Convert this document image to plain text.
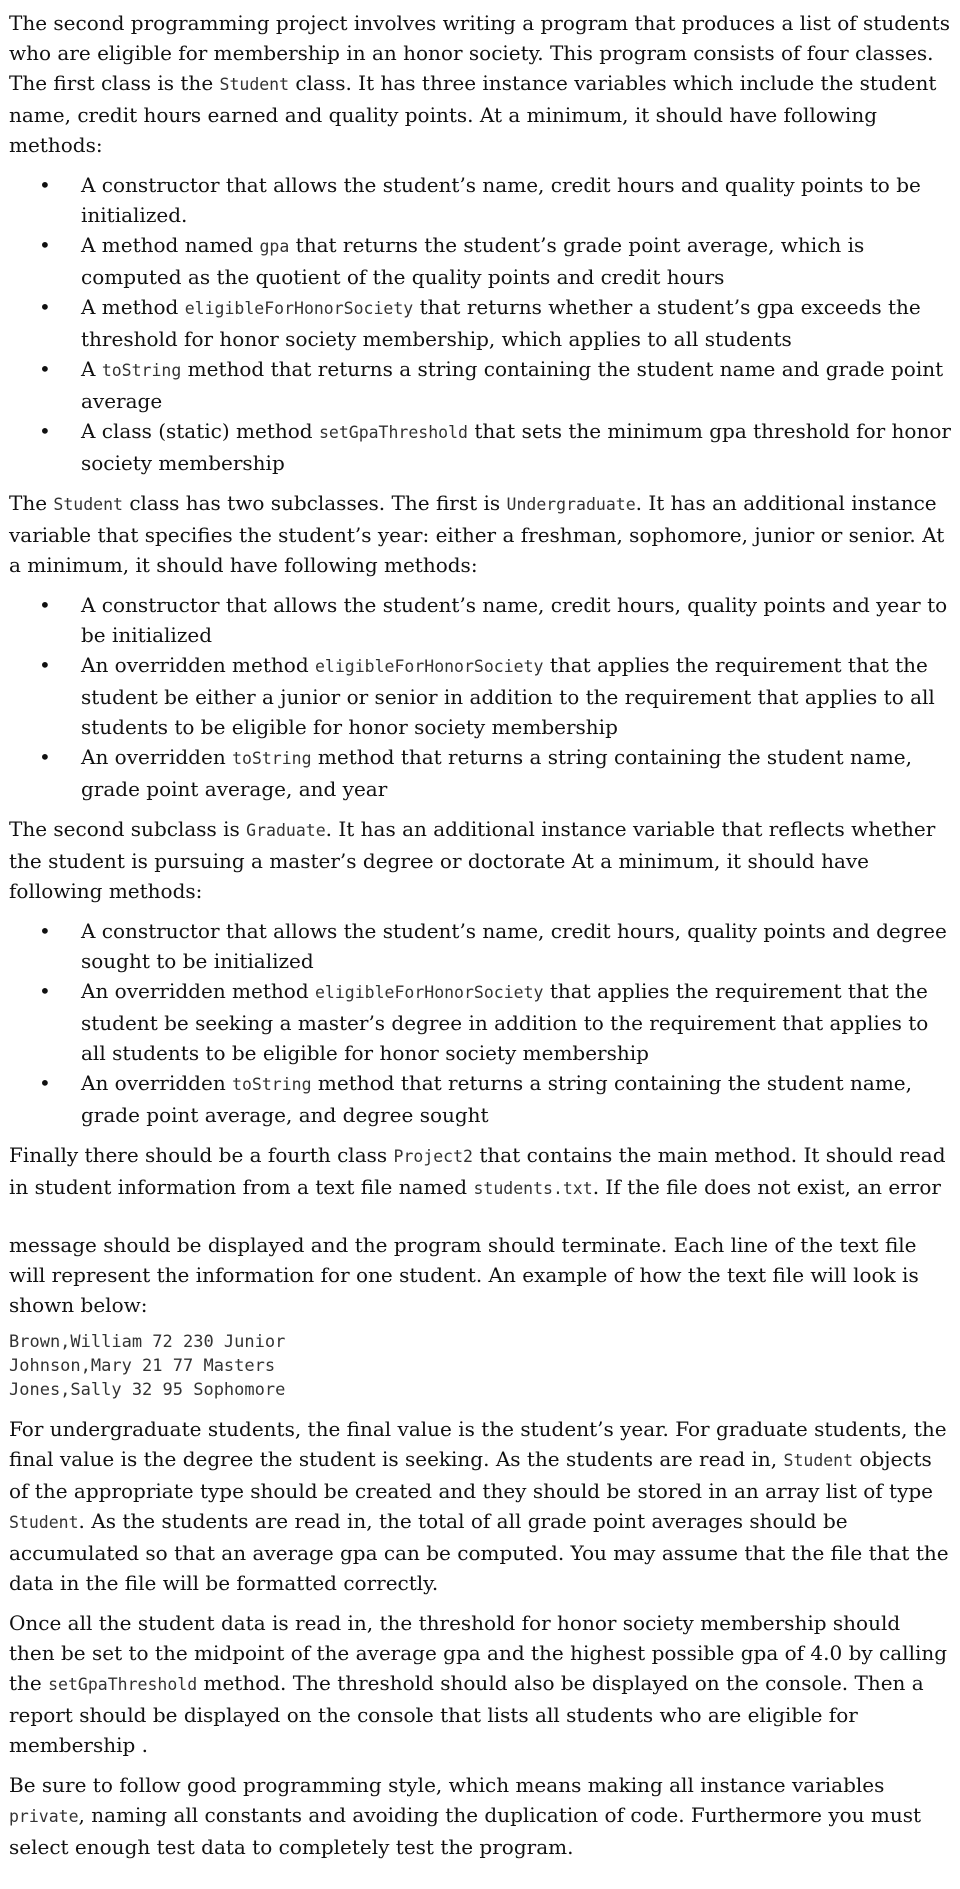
The second programming project involves writing a program that produces a list of students who are eligible for membership in an honor society. This program consists of four classes. The first class is the Student class. It has three instance variables which include the student name, credit hours earned and quality points. At a minimum, it should have following methods:

• A constructor that allows the student’s name, credit hours and quality points to be initialized.
• A method named gpa that returns the student’s grade point average, which is computed as the quotient of the quality points and credit hours
• A method eligibleForHonorSociety that returns whether a student’s gpa exceeds the threshold for honor society membership, which applies to all students
• A toString method that returns a string containing the student name and grade point average
• A class (static) method setGpaThreshold that sets the minimum gpa threshold for honor society membership

The Student class has two subclasses. The first is Undergraduate. It has an additional instance variable that specifies the student’s year: either a freshman, sophomore, junior or senior. At a minimum, it should have following methods:

• A constructor that allows the student’s name, credit hours, quality points and year to be initialized
• An overridden method eligibleForHonorSociety that applies the requirement that the student be either a junior or senior in addition to the requirement that applies to all students to be eligible for honor society membership
• An overridden toString method that returns a string containing the student name, grade point average, and year

The second subclass is Graduate. It has an additional instance variable that reflects whether the student is pursuing a master’s degree or doctorate At a minimum, it should have following methods:

• A constructor that allows the student’s name, credit hours, quality points and degree sought to be initialized
• An overridden method eligibleForHonorSociety that applies the requirement that the student be seeking a master’s degree in addition to the requirement that applies to all students to be eligible for honor society membership
• An overridden toString method that returns a string containing the student name, grade point average, and degree sought

Finally there should be a fourth class Project2 that contains the main method. It should read in student information from a text file named students.txt. If the file does not exist, an error

message should be displayed and the program should terminate. Each line of the text file will represent the information for one student. An example of how the text file will look is shown below:

Brown,William 72 230 Junior
Johnson,Mary 21 77 Masters
Jones,Sally 32 95 Sophomore

For undergraduate students, the final value is the student’s year. For graduate students, the final value is the degree the student is seeking. As the students are read in, Student objects of the appropriate type should be created and they should be stored in an array list of type Student. As the students are read in, the total of all grade point averages should be accumulated so that an average gpa can be computed. You may assume that the file that the data in the file will be formatted correctly.

Once all the student data is read in, the threshold for honor society membership should then be set to the midpoint of the average gpa and the highest possible gpa of 4.0 by calling the setGpaThreshold method. The threshold should also be displayed on the console. Then a report should be displayed on the console that lists all students who are eligible for membership .

Be sure to follow good programming style, which means making all instance variables private, naming all constants and avoiding the duplication of code. Furthermore you must select enough test data to completely test the program.
